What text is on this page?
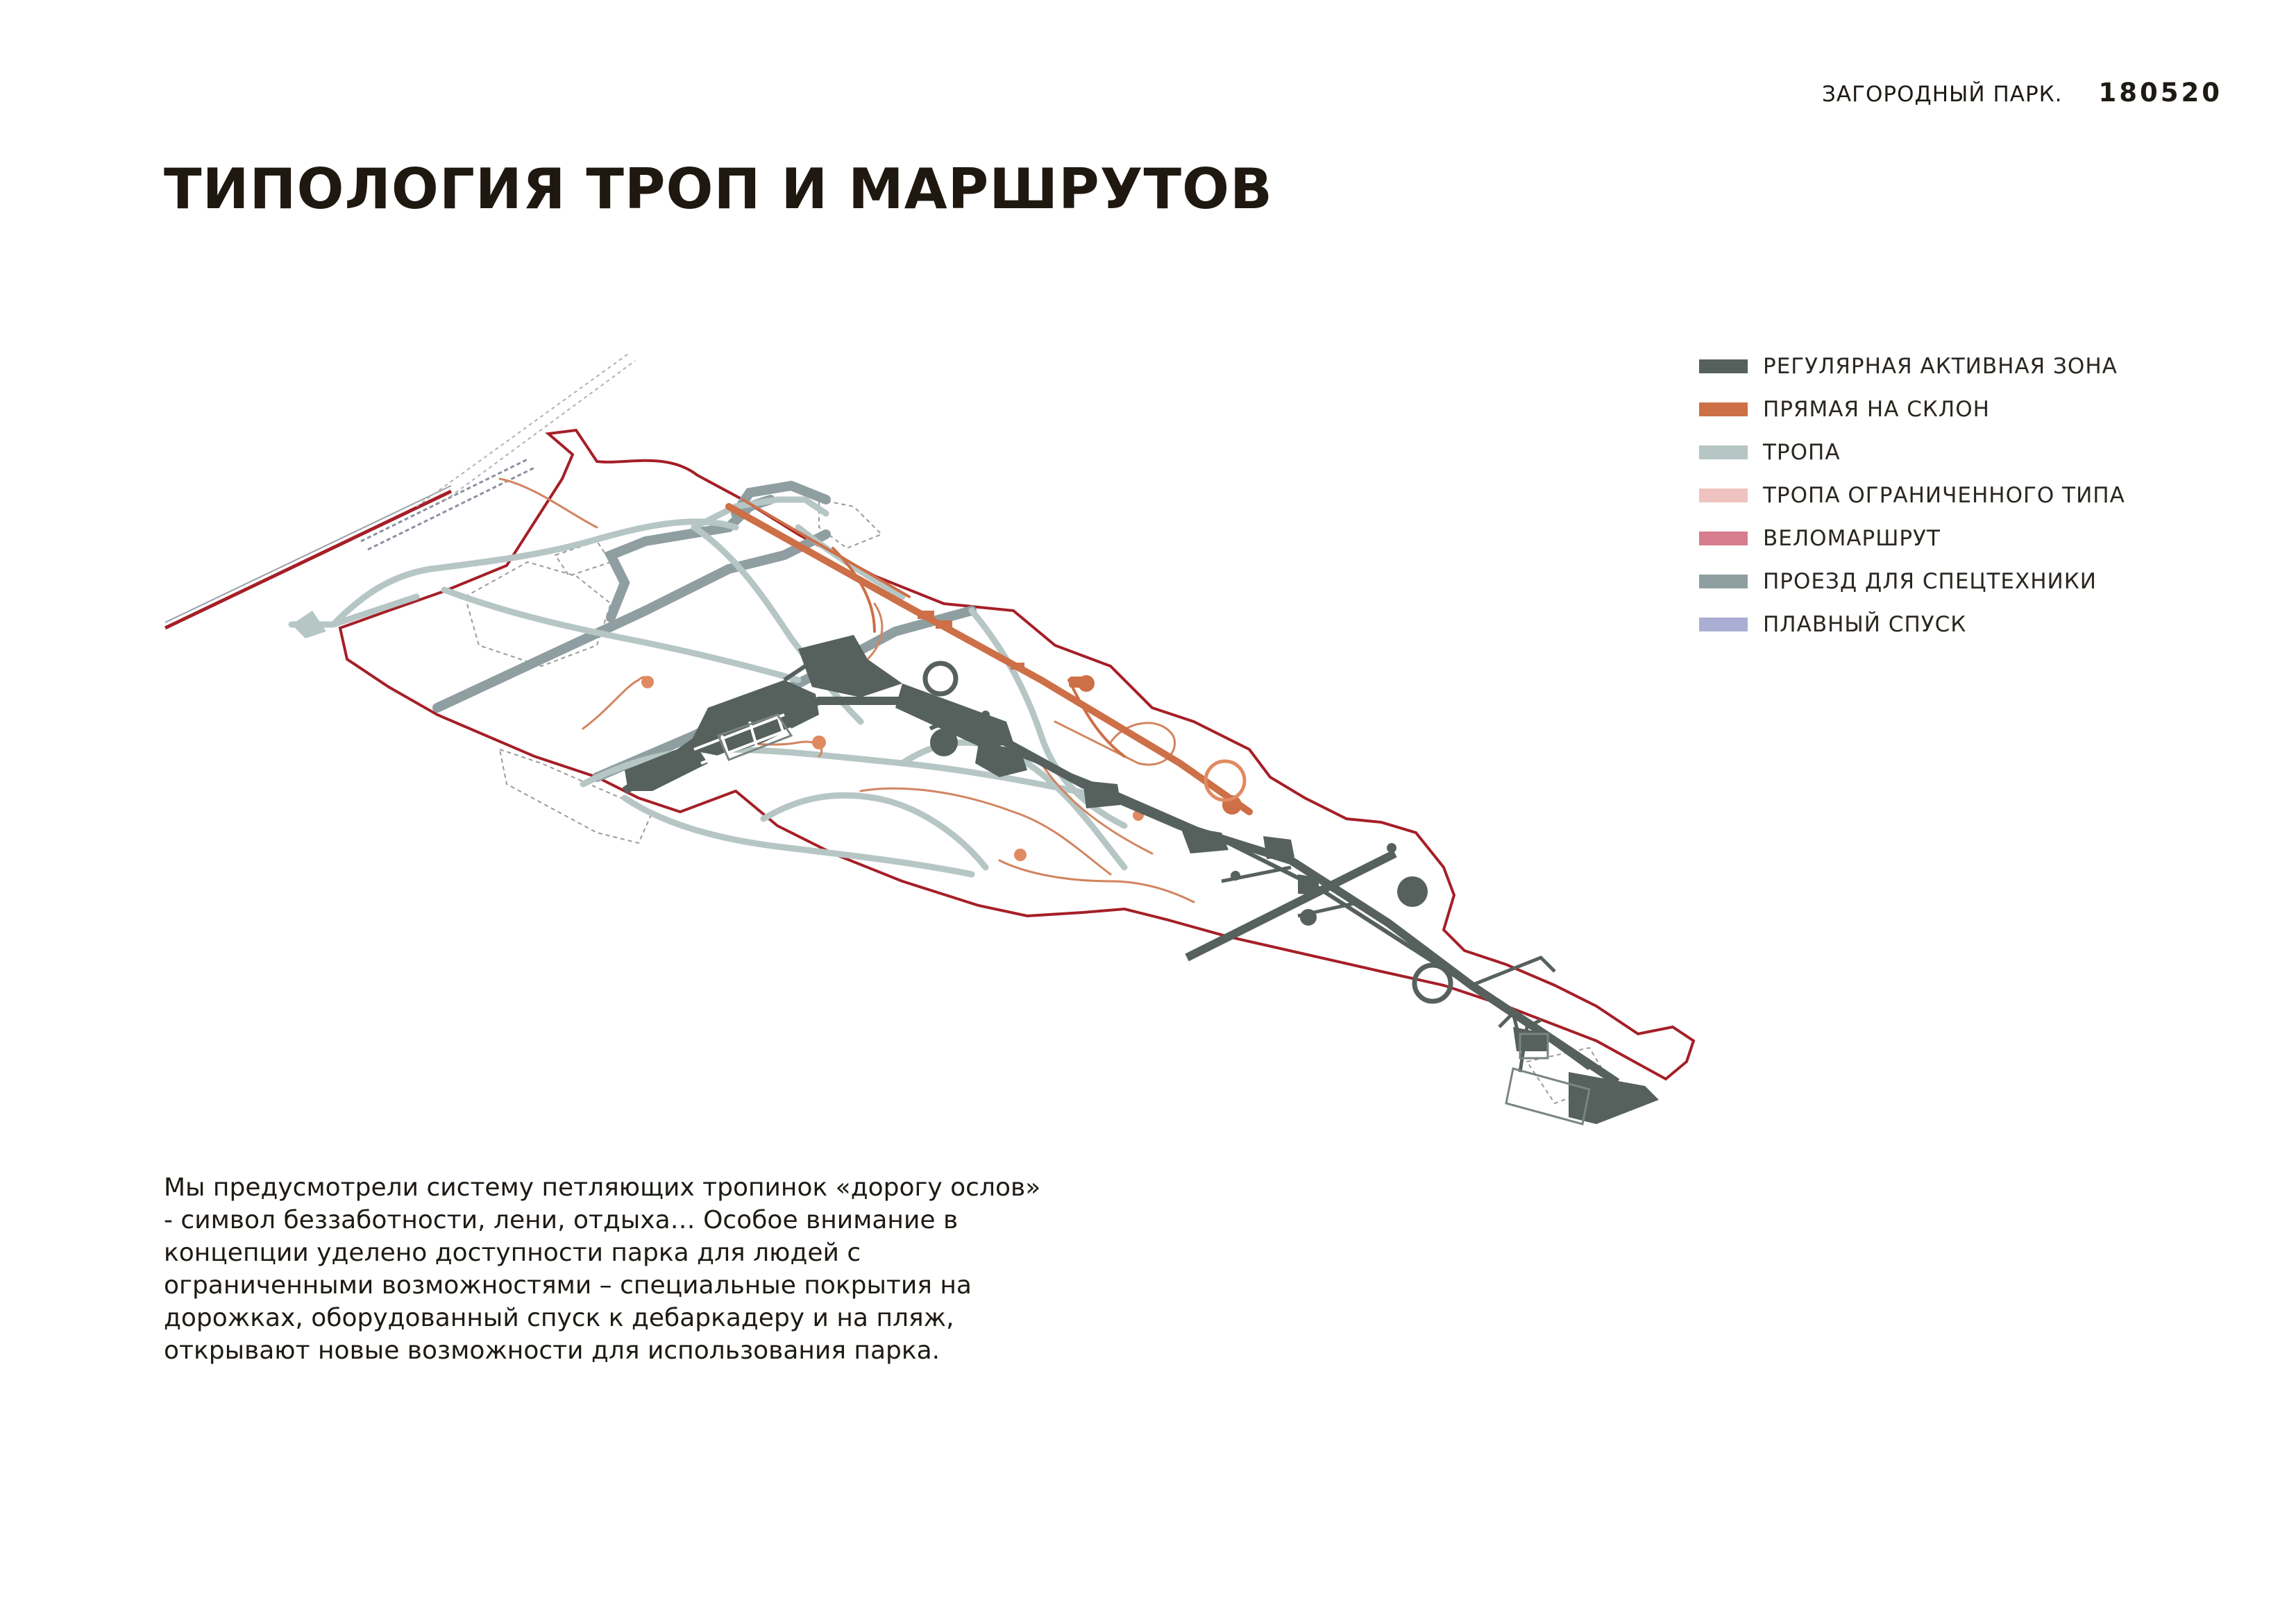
ЗАГОРОДНЫЙ ПАРК. 180520
ТИПОЛОГИЯ ТРОП И МАРШРУТОВ
РЕГУЛЯРНАЯ АКТИВНАЯ ЗОНА
ПРЯМАЯ НА СКЛОН
ТРОПА
ТРОПА ОГРАНИЧЕННОГО ТИПА
ВЕЛОМАРШРУТ
ПРОЕЗД ДЛЯ СПЕЦТЕХНИКИ
ПЛАВНЫЙ СПУСК

Мы предусмотрели систему петляющих тропинок «дорогу ослов» - символ беззаботности, лени, отдыха… Особое внимание в концепции уделено доступности парка для людей с ограниченными возможностями – специальные покрытия на дорожках, оборудованный спуск к дебаркадеру и на пляж, открывают новые возможности для использования парка.
